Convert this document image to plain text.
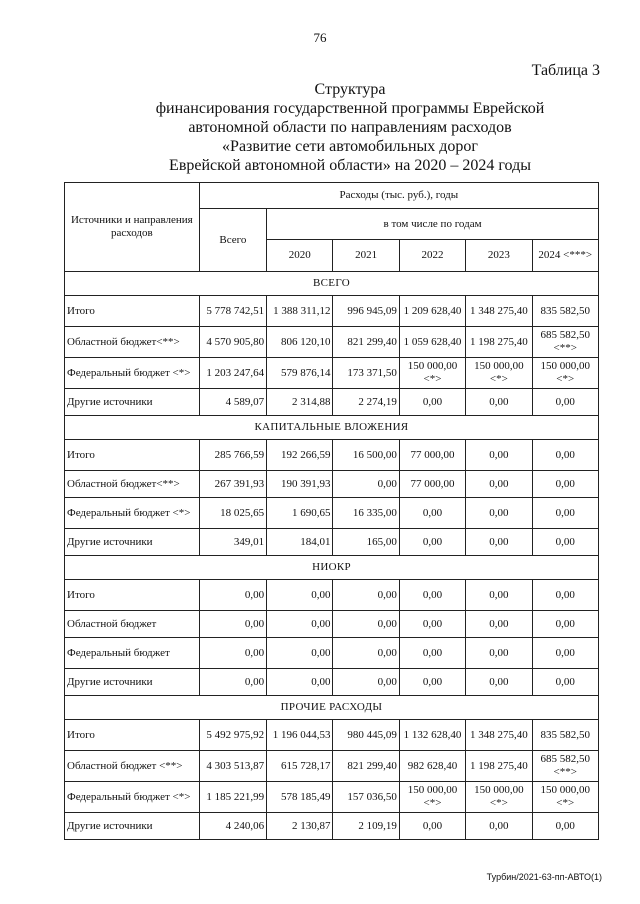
76
Таблица 3
Структура
финансирования государственной программы Еврейской
автономной области по направлениям расходов
«Развитие сети автомобильных дорог
Еврейской автономной области» на 2020 – 2024 годы
Источники и направления расходов	Расходы (тыс. руб.), годы					
	Всего	в том числе по годам				
		2020	2021	2022	2023	2024 <***>
ВСЕГО						
Итого	5 778 742,51	1 388 311,12	996 945,09	1 209 628,40	1 348 275,40	835 582,50
Областной бюджет<**>	4 570 905,80	806 120,10	821 299,40	1 059 628,40	1 198 275,40	685 582,50 <**>
Федеральный бюджет <*>	1 203 247,64	579 876,14	173 371,50	150 000,00 <*>	150 000,00 <*>	150 000,00 <*>
Другие источники	4 589,07	2 314,88	2 274,19	0,00	0,00	0,00
КАПИТАЛЬНЫЕ ВЛОЖЕНИЯ						
Итого	285 766,59	192 266,59	16 500,00	77 000,00	0,00	0,00
Областной бюджет<**>	267 391,93	190 391,93	0,00	77 000,00	0,00	0,00
Федеральный бюджет <*>	18 025,65	1 690,65	16 335,00	0,00	0,00	0,00
Другие источники	349,01	184,01	165,00	0,00	0,00	0,00
НИОКР						
Итого	0,00	0,00	0,00	0,00	0,00	0,00
Областной бюджет	0,00	0,00	0,00	0,00	0,00	0,00
Федеральный бюджет	0,00	0,00	0,00	0,00	0,00	0,00
Другие источники	0,00	0,00	0,00	0,00	0,00	0,00
ПРОЧИЕ РАСХОДЫ						
Итого	5 492 975,92	1 196 044,53	980 445,09	1 132 628,40	1 348 275,40	835 582,50
Областной бюджет <**>	4 303 513,87	615 728,17	821 299,40	982 628,40	1 198 275,40	685 582,50 <**>
Федеральный бюджет <*>	1 185 221,99	578 185,49	157 036,50	150 000,00 <*>	150 000,00 <*>	150 000,00 <*>
Другие источники	4 240,06	2 130,87	2 109,19	0,00	0,00	0,00
Турбин/2021-63-пп-АВТО(1)
